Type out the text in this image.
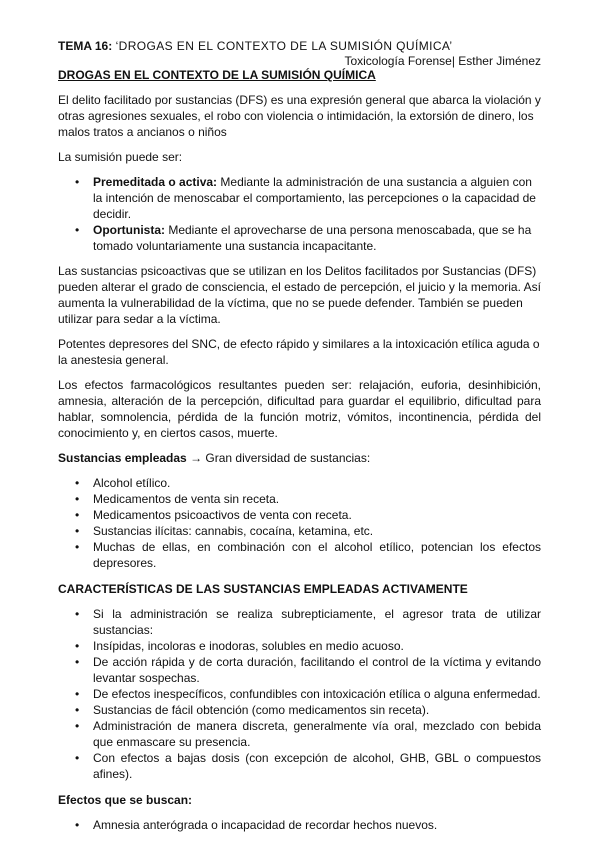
TEMA 16: ‘DROGAS EN EL CONTEXTO DE LA SUMISIÓN QUÍMICA’
Toxicología Forense| Esther Jiménez
DROGAS EN EL CONTEXTO DE LA SUMISIÓN QUÍMICA

El delito facilitado por sustancias (DFS) es una expresión general que abarca la violación y otras agresiones sexuales, el robo con violencia o intimidación, la extorsión de dinero, los malos tratos a ancianos o niños

La sumisión puede ser:

• Premeditada o activa: Mediante la administración de una sustancia a alguien con la intención de menoscabar el comportamiento, las percepciones o la capacidad de decidir.
• Oportunista: Mediante el aprovecharse de una persona menoscabada, que se ha tomado voluntariamente una sustancia incapacitante.

Las sustancias psicoactivas que se utilizan en los Delitos facilitados por Sustancias (DFS) pueden alterar el grado de consciencia, el estado de percepción, el juicio y la memoria. Así aumenta la vulnerabilidad de la víctima, que no se puede defender. También se pueden utilizar para sedar a la víctima.

Potentes depresores del SNC, de efecto rápido y similares a la intoxicación etílica aguda o la anestesia general.

Los efectos farmacológicos resultantes pueden ser: relajación, euforia, desinhibición, amnesia, alteración de la percepción, dificultad para guardar el equilibrio, dificultad para hablar, somnolencia, pérdida de la función motriz, vómitos, incontinencia, pérdida del conocimiento y, en ciertos casos, muerte.

Sustancias empleadas → Gran diversidad de sustancias:
• Alcohol etílico.
• Medicamentos de venta sin receta.
• Medicamentos psicoactivos de venta con receta.
• Sustancias ilícitas: cannabis, cocaína, ketamina, etc.
• Muchas de ellas, en combinación con el alcohol etílico, potencian los efectos depresores.
CARACTERÍSTICAS DE LAS SUSTANCIAS EMPLEADAS ACTIVAMENTE
• Si la administración se realiza subrepticiamente, el agresor trata de utilizar sustancias:
• Insípidas, incoloras e inodoras, solubles en medio acuoso.
• De acción rápida y de corta duración, facilitando el control de la víctima y evitando levantar sospechas.
• De efectos inespecíficos, confundibles con intoxicación etílica o alguna enfermedad.
• Sustancias de fácil obtención (como medicamentos sin receta).
• Administración de manera discreta, generalmente vía oral, mezclado con bebida que enmascare su presencia.
• Con efectos a bajas dosis (con excepción de alcohol, GHB, GBL o compuestos afines).
Efectos que se buscan:
• Amnesia anterógrada o incapacidad de recordar hechos nuevos.
